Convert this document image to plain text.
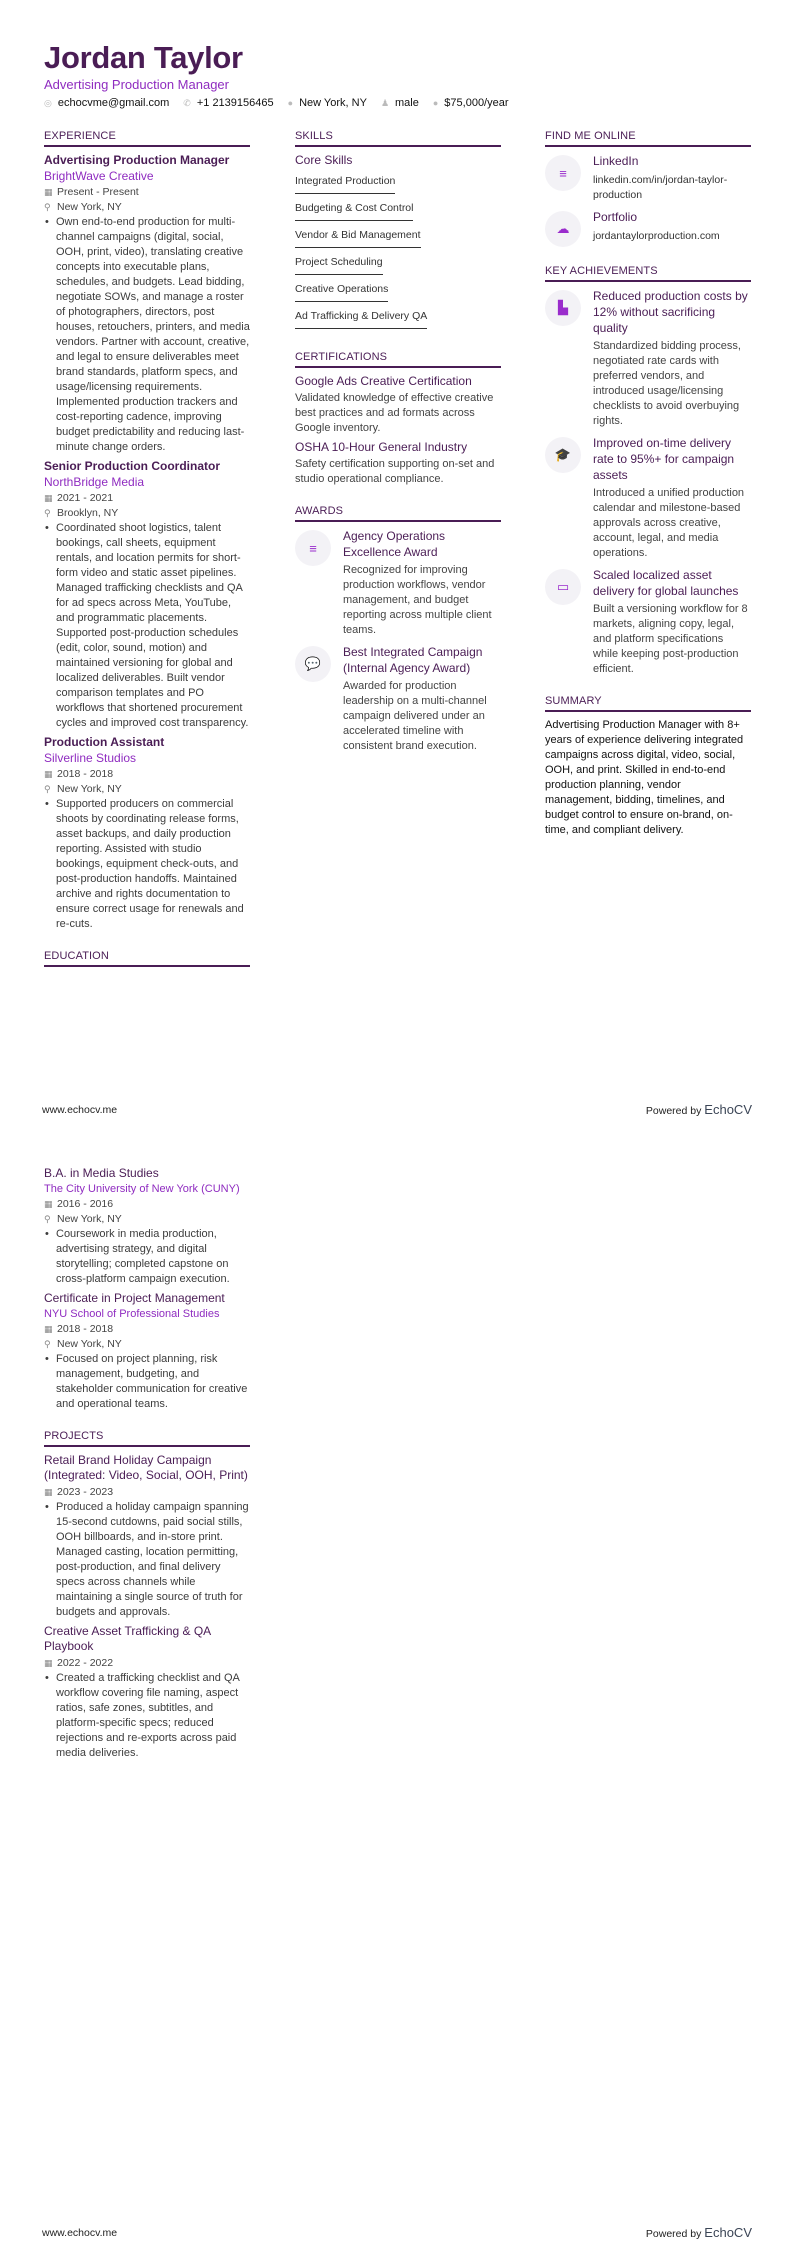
Jordan Taylor
Advertising Production Manager
◎ echocvme@gmail.com ✆ +1 2139156465 ● New York, NY ♟ male ● $75,000/year
EXPERIENCE
Advertising Production Manager
BrightWave Creative
▦ Present - Present
⚲ New York, NY
• Own end-to-end production for multi-channel campaigns (digital, social, OOH, print, video), translating creative concepts into executable plans, schedules, and budgets. Lead bidding, negotiate SOWs, and manage a roster of photographers, directors, post houses, retouchers, printers, and media vendors. Partner with account, creative, and legal to ensure deliverables meet brand standards, platform specs, and usage/licensing requirements. Implemented production trackers and cost-reporting cadence, improving budget predictability and reducing last-minute change orders.
Senior Production Coordinator
NorthBridge Media
▦ 2021 - 2021
⚲ Brooklyn, NY
• Coordinated shoot logistics, talent bookings, call sheets, equipment rentals, and location permits for short-form video and static asset pipelines. Managed trafficking checklists and QA for ad specs across Meta, YouTube, and programmatic placements. Supported post-production schedules (edit, color, sound, motion) and maintained versioning for global and localized deliverables. Built vendor comparison templates and PO workflows that shortened procurement cycles and improved cost transparency.
Production Assistant
Silverline Studios
▦ 2018 - 2018
⚲ New York, NY
• Supported producers on commercial shoots by coordinating release forms, asset backups, and daily production reporting. Assisted with studio bookings, equipment check-outs, and post-production handoffs. Maintained archive and rights documentation to ensure correct usage for renewals and re-cuts.
EDUCATION
SKILLS
Core Skills
Integrated Production
Budgeting & Cost Control
Vendor & Bid Management
Project Scheduling
Creative Operations
Ad Trafficking & Delivery QA
CERTIFICATIONS
Google Ads Creative Certification
Validated knowledge of effective creative best practices and ad formats across Google inventory.
OSHA 10-Hour General Industry
Safety certification supporting on-set and studio operational compliance.
AWARDS
≡
Agency Operations Excellence Award
Recognized for improving production workflows, vendor management, and budget reporting across multiple client teams.
💬
Best Integrated Campaign (Internal Agency Award)
Awarded for production leadership on a multi-channel campaign delivered under an accelerated timeline with consistent brand execution.
FIND ME ONLINE
≡
LinkedIn
linkedin.com/in/jordan-taylor-production
☁
Portfolio
jordantaylorproduction.com
KEY ACHIEVEMENTS
▙
Reduced production costs by 12% without sacrificing quality
Standardized bidding process, negotiated rate cards with preferred vendors, and introduced usage/licensing checklists to avoid overbuying rights.
🎓
Improved on-time delivery rate to 95%+ for campaign assets
Introduced a unified production calendar and milestone-based approvals across creative, account, legal, and media operations.
▭
Scaled localized asset delivery for global launches
Built a versioning workflow for 8 markets, aligning copy, legal, and platform specifications while keeping post-production efficient.
SUMMARY
Advertising Production Manager with 8+ years of experience delivering integrated campaigns across digital, video, social, OOH, and print. Skilled in end-to-end production planning, vendor management, bidding, timelines, and budget control to ensure on-brand, on-time, and compliant delivery.
www.echocv.me	Powered by EchoCV
B.A. in Media Studies
The City University of New York (CUNY)
▦ 2016 - 2016
⚲ New York, NY
• Coursework in media production, advertising strategy, and digital storytelling; completed capstone on cross-platform campaign execution.
Certificate in Project Management
NYU School of Professional Studies
▦ 2018 - 2018
⚲ New York, NY
• Focused on project planning, risk management, budgeting, and stakeholder communication for creative and operational teams.
PROJECTS
Retail Brand Holiday Campaign (Integrated: Video, Social, OOH, Print)
▦ 2023 - 2023
• Produced a holiday campaign spanning 15-second cutdowns, paid social stills, OOH billboards, and in-store print. Managed casting, location permitting, post-production, and final delivery specs across channels while maintaining a single source of truth for budgets and approvals.
Creative Asset Trafficking & QA Playbook
▦ 2022 - 2022
• Created a trafficking checklist and QA workflow covering file naming, aspect ratios, safe zones, subtitles, and platform-specific specs; reduced rejections and re-exports across paid media deliveries.
www.echocv.me	Powered by EchoCV
